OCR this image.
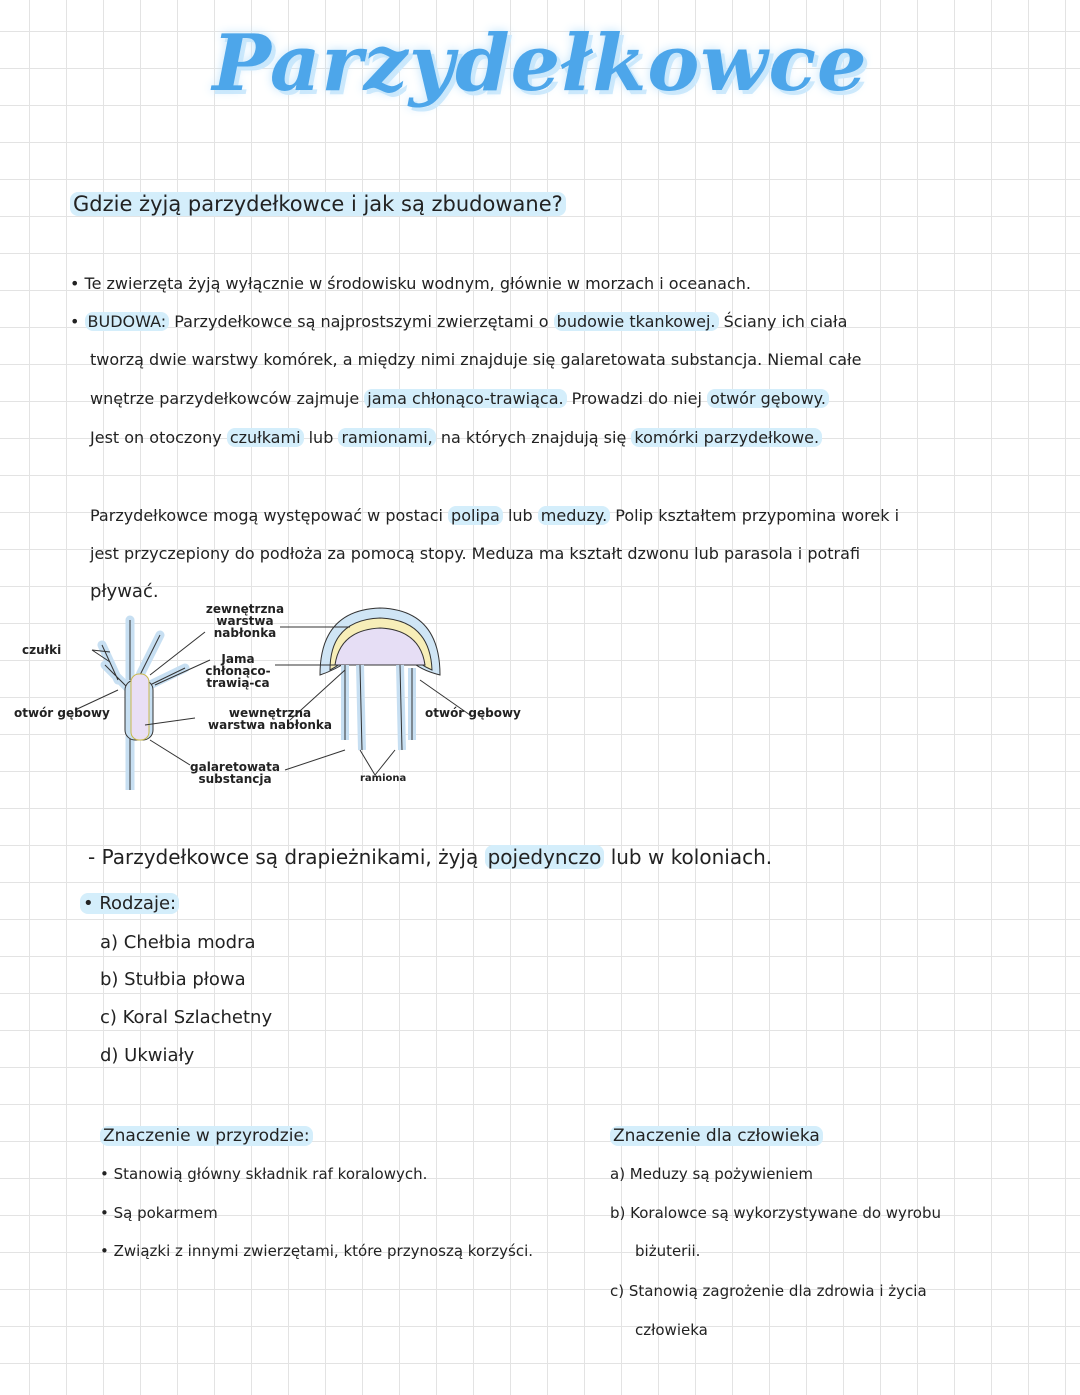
Parzydełkowce
Gdzie żyją parzydełkowce i jak są zbudowane?
• Te zwierzęta żyją wyłącznie w środowisku wodnym, głównie w morzach i oceanach.
• BUDOWA: Parzydełkowce są najprostszymi zwierzętami o budowie tkankowej. Ściany ich ciała
tworzą dwie warstwy komórek, a między nimi znajduje się galaretowata substancja. Niemal całe
wnętrze parzydełkowców zajmuje jama chłonąco-trawiąca. Prowadzi do niej otwór gębowy.
Jest on otoczony czułkami lub ramionami, na których znajdują się komórki parzydełkowe.
Parzydełkowce mogą występować w postaci polipa lub meduzy. Polip kształtem przypomina worek i
jest przyczepiony do podłoża za pomocą stopy. Meduza ma kształt dzwonu lub parasola i potrafi
pływać.
czułki
otwór gębowy
zewnętrzna warstwa nabłonka
Jama chłonąco-trawią-ca
wewnętrzna warstwa nabłonka
galaretowata substancja
otwór gębowy
ramiona
- Parzydełkowce są drapieżnikami, żyją pojedynczo lub w koloniach.
• Rodzaje:
a) Chełbia modra
b) Stułbia płowa
c) Koral Szlachetny
d) Ukwiały
Znaczenie w przyrodzie:
• Stanowią główny składnik raf koralowych.
• Są pokarmem
• Związki z innymi zwierzętami, które przynoszą korzyści.
Znaczenie dla człowieka
a) Meduzy są pożywieniem
b) Koralowce są wykorzystywane do wyrobu
biżuterii.
c) Stanowią zagrożenie dla zdrowia i życia
człowieka
